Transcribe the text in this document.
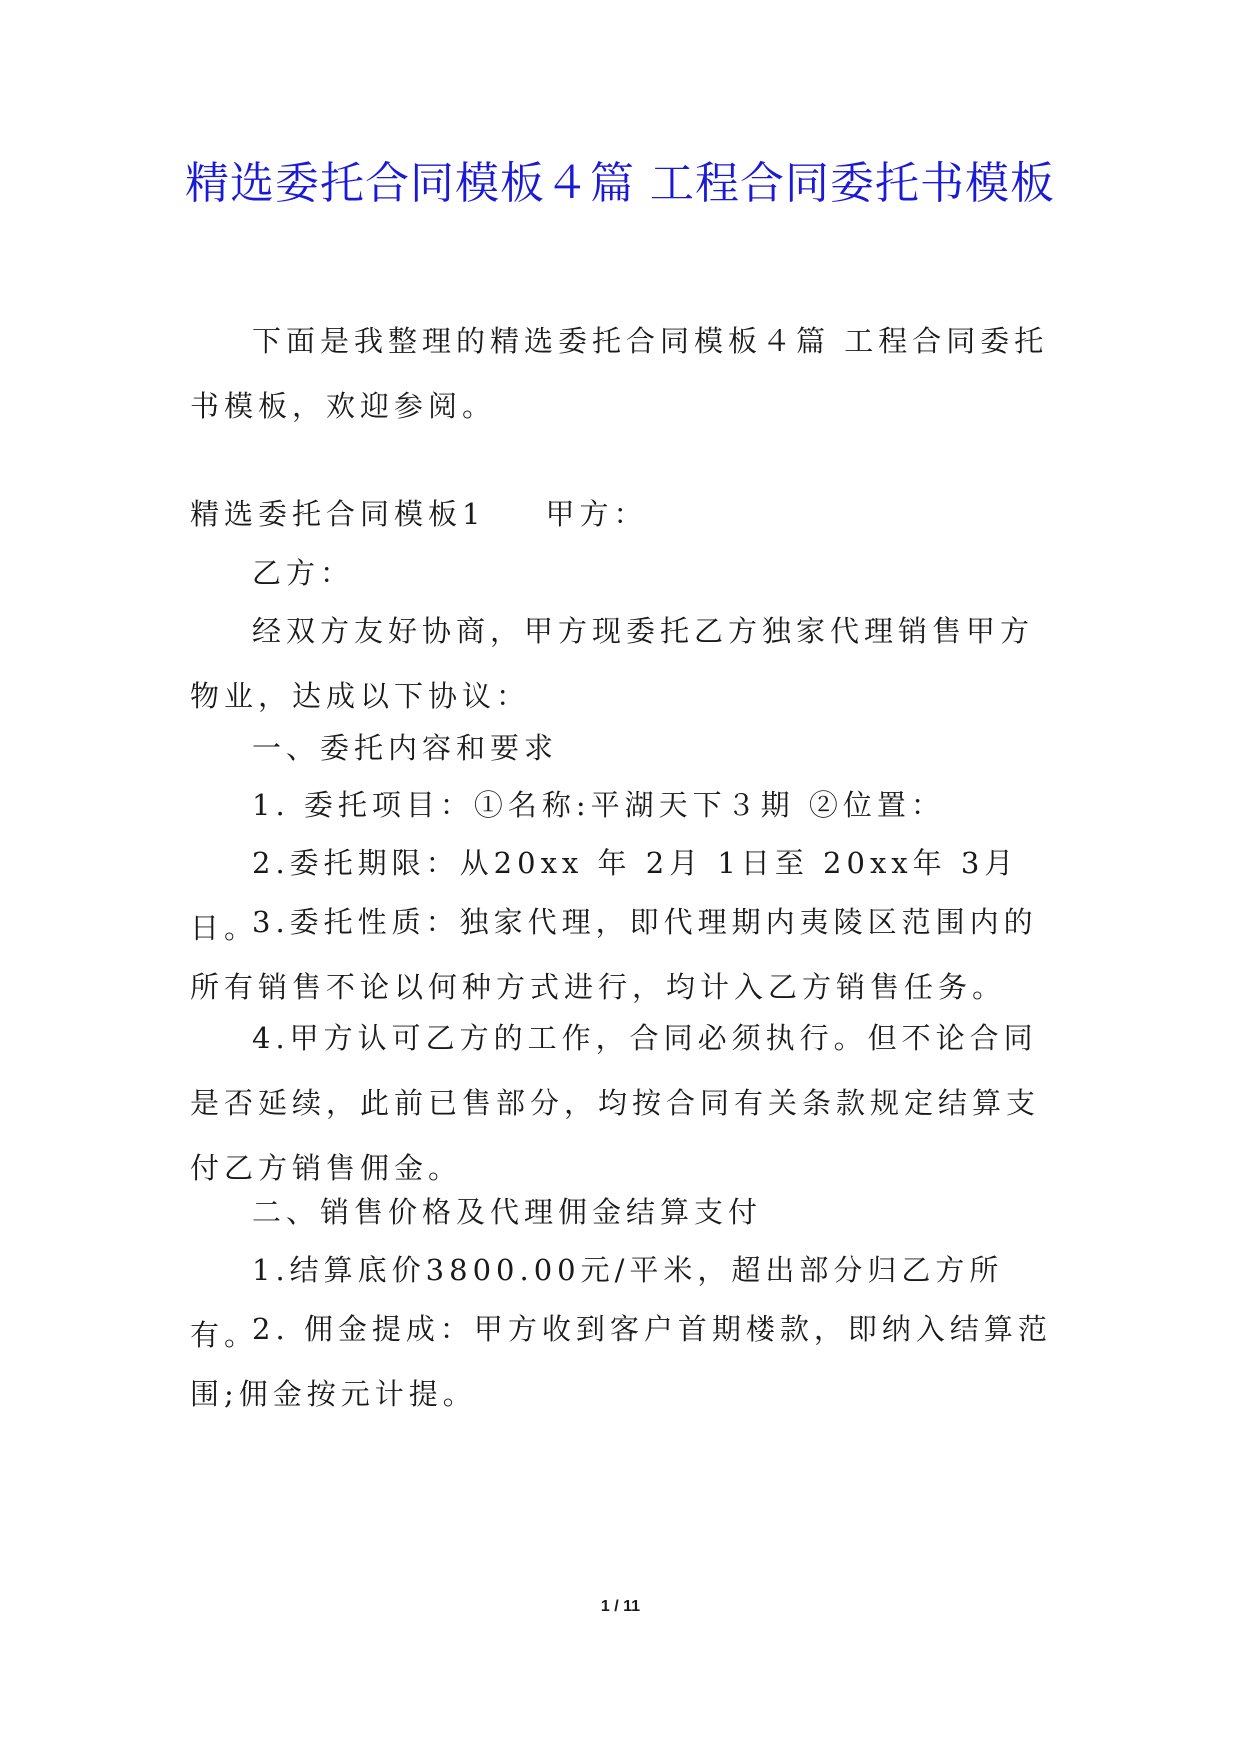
精选委托合同模板４篇 工程合同委托书模板

下面是我整理的精选委托合同模板４篇 工程合同委托书模板，欢迎参阅。

精选委托合同模板1 甲方：

乙方：

经双方友好协商，甲方现委托乙方独家代理销售甲方物业，达成以下协议：

一、委托内容和要求

1. 委托项目：①名称:平湖天下３期 ②位置：

2.委托期限：从20xx 年 2月 1日至 20xx年 3月 日。

3.委托性质：独家代理，即代理期内夷陵区范围内的所有销售不论以何种方式进行，均计入乙方销售任务。

4.甲方认可乙方的工作，合同必须执行。但不论合同是否延续，此前已售部分，均按合同有关条款规定结算支付乙方销售佣金。

二、销售价格及代理佣金结算支付

1.结算底价3800.00元/平米，超出部分归乙方所有。

2. 佣金提成：甲方收到客户首期楼款，即纳入结算范围;佣金按元计提。

1 / 11
